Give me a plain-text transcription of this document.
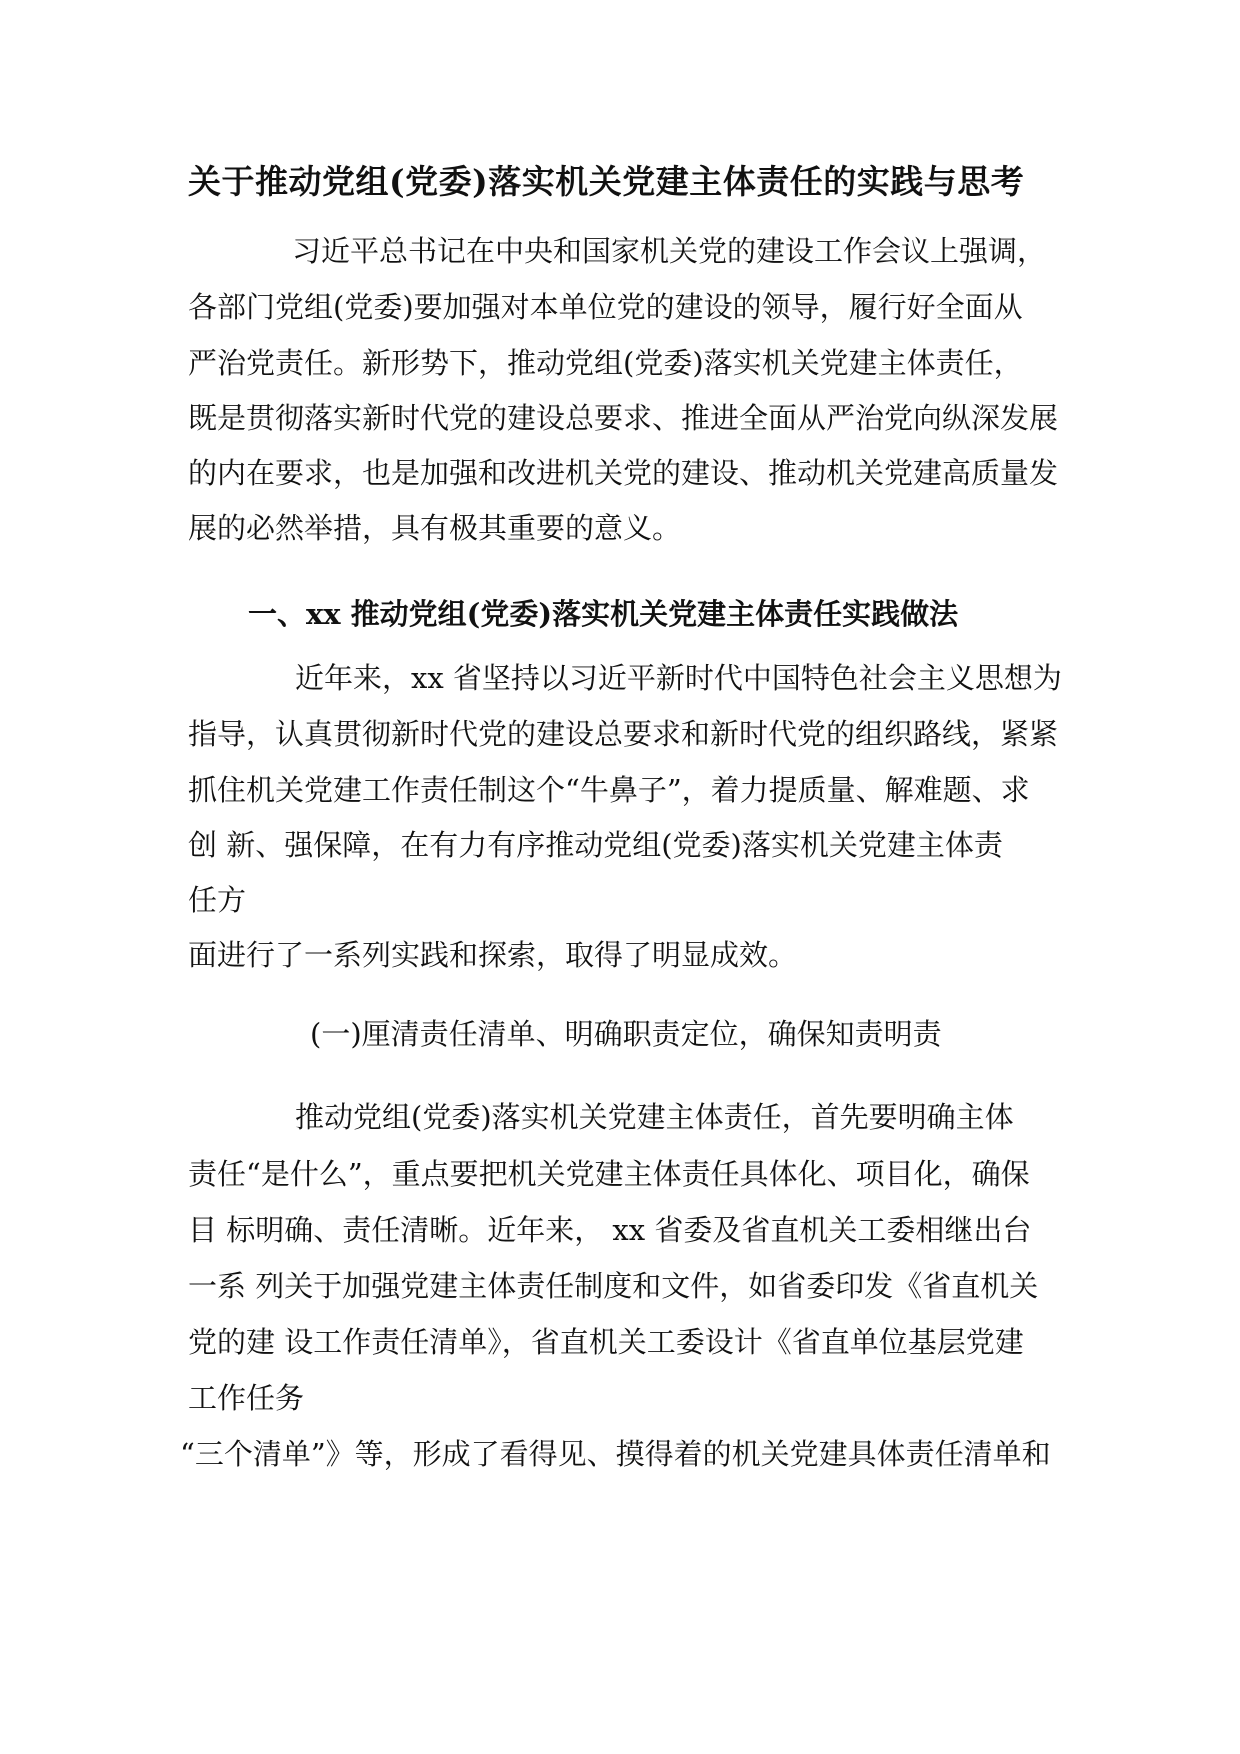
关于推动党组(党委)落实机关党建主体责任的实践与思考
习近平总书记在中央和国家机关党的建设工作会议上强调，
各部门党组(党委)要加强对本单位党的建设的领导，履行好全面从
严治党责任。新形势下，推动党组(党委)落实机关党建主体责任，
既是贯彻落实新时代党的建设总要求、推进全面从严治党向纵深发展
的内在要求，也是加强和改进机关党的建设、推动机关党建高质量发
展的必然举措，具有极其重要的意义。
一、xx 推动党组(党委)落实机关党建主体责任实践做法
近年来，xx 省坚持以习近平新时代中国特色社会主义思想为
指导，认真贯彻新时代党的建设总要求和新时代党的组织路线，紧紧
抓住机关党建工作责任制这个“牛鼻子”，着力提质量、解难题、求
创 新、强保障，在有力有序推动党组(党委)落实机关党建主体责
任方
面进行了一系列实践和探索，取得了明显成效。
(一)厘清责任清单、明确职责定位，确保知责明责
推动党组(党委)落实机关党建主体责任，首先要明确主体
责任“是什么”，重点要把机关党建主体责任具体化、项目化，确保
目 标明确、责任清晰。近年来， xx 省委及省直机关工委相继出台
一系 列关于加强党建主体责任制度和文件，如省委印发《省直机关
党的建 设工作责任清单》，省直机关工委设计《省直单位基层党建
工作任务
“三个清单”》等，形成了看得见、摸得着的机关党建具体责任清单和
